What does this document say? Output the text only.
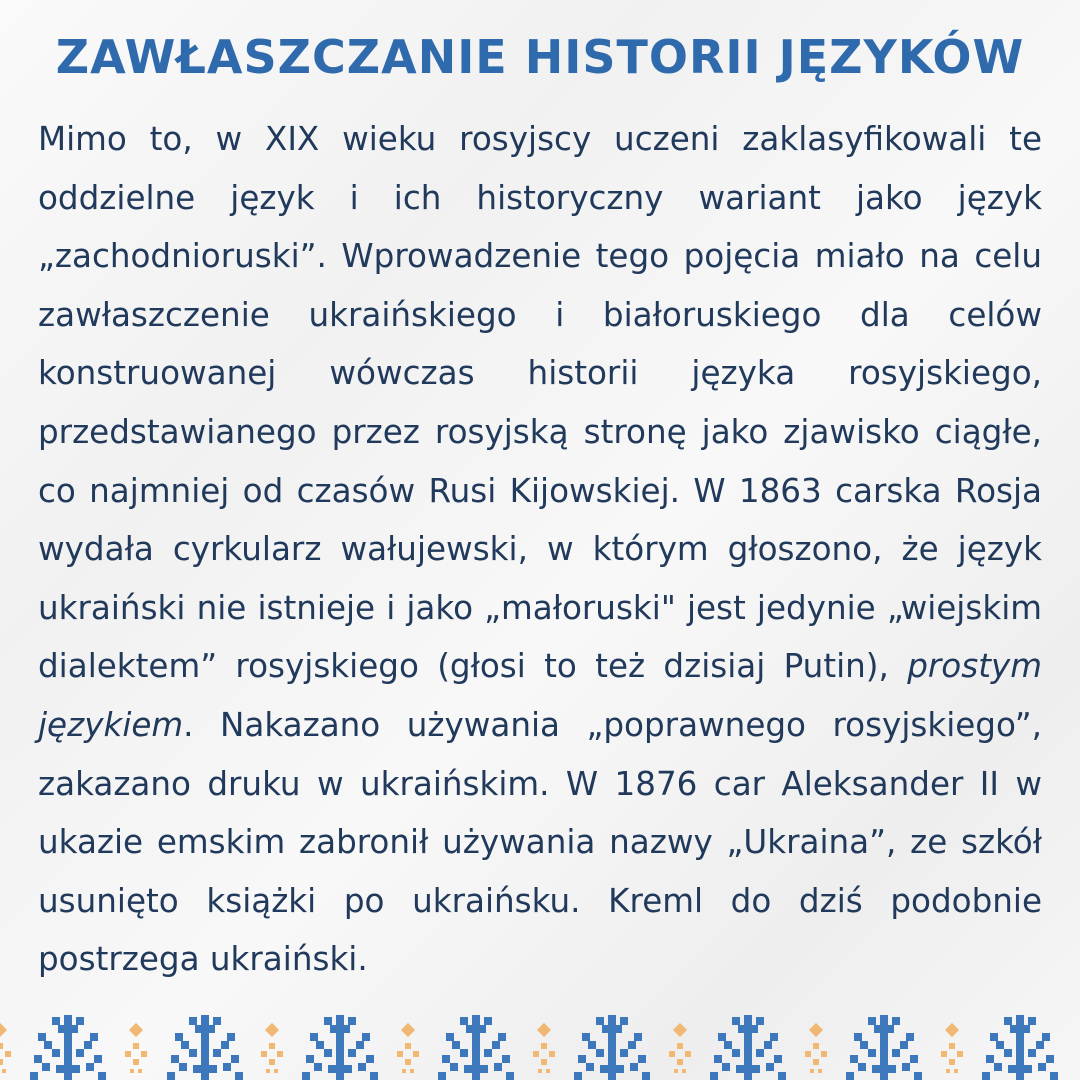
ZAWŁASZCZANIE HISTORII JĘZYKÓW

Mimo to, w XIX wieku rosyjscy uczeni zaklasyfikowali te oddzielne język i ich historyczny wariant jako język „zachodnioruski”. Wprowadzenie tego pojęcia miało na celu zawłaszczenie ukraińskiego i białoruskiego dla celów konstruowanej wówczas historii języka rosyjskiego, przedstawianego przez rosyjską stronę jako zjawisko ciągłe, co najmniej od czasów Rusi Kijowskiej. W 1863 carska Rosja wydała cyrkularz wałujewski, w którym głoszono, że język ukraiński nie istnieje i jako „małoruski" jest jedynie „wiejskim dialektem” rosyjskiego (głosi to też dzisiaj Putin), prostym językiem. Nakazano używania „poprawnego rosyjskiego”, zakazano druku w ukraińskim. W 1876 car Aleksander II w ukazie emskim zabronił używania nazwy „Ukraina”, ze szkół usunięto książki po ukraińsku. Kreml do dziś podobnie postrzega ukraiński.
